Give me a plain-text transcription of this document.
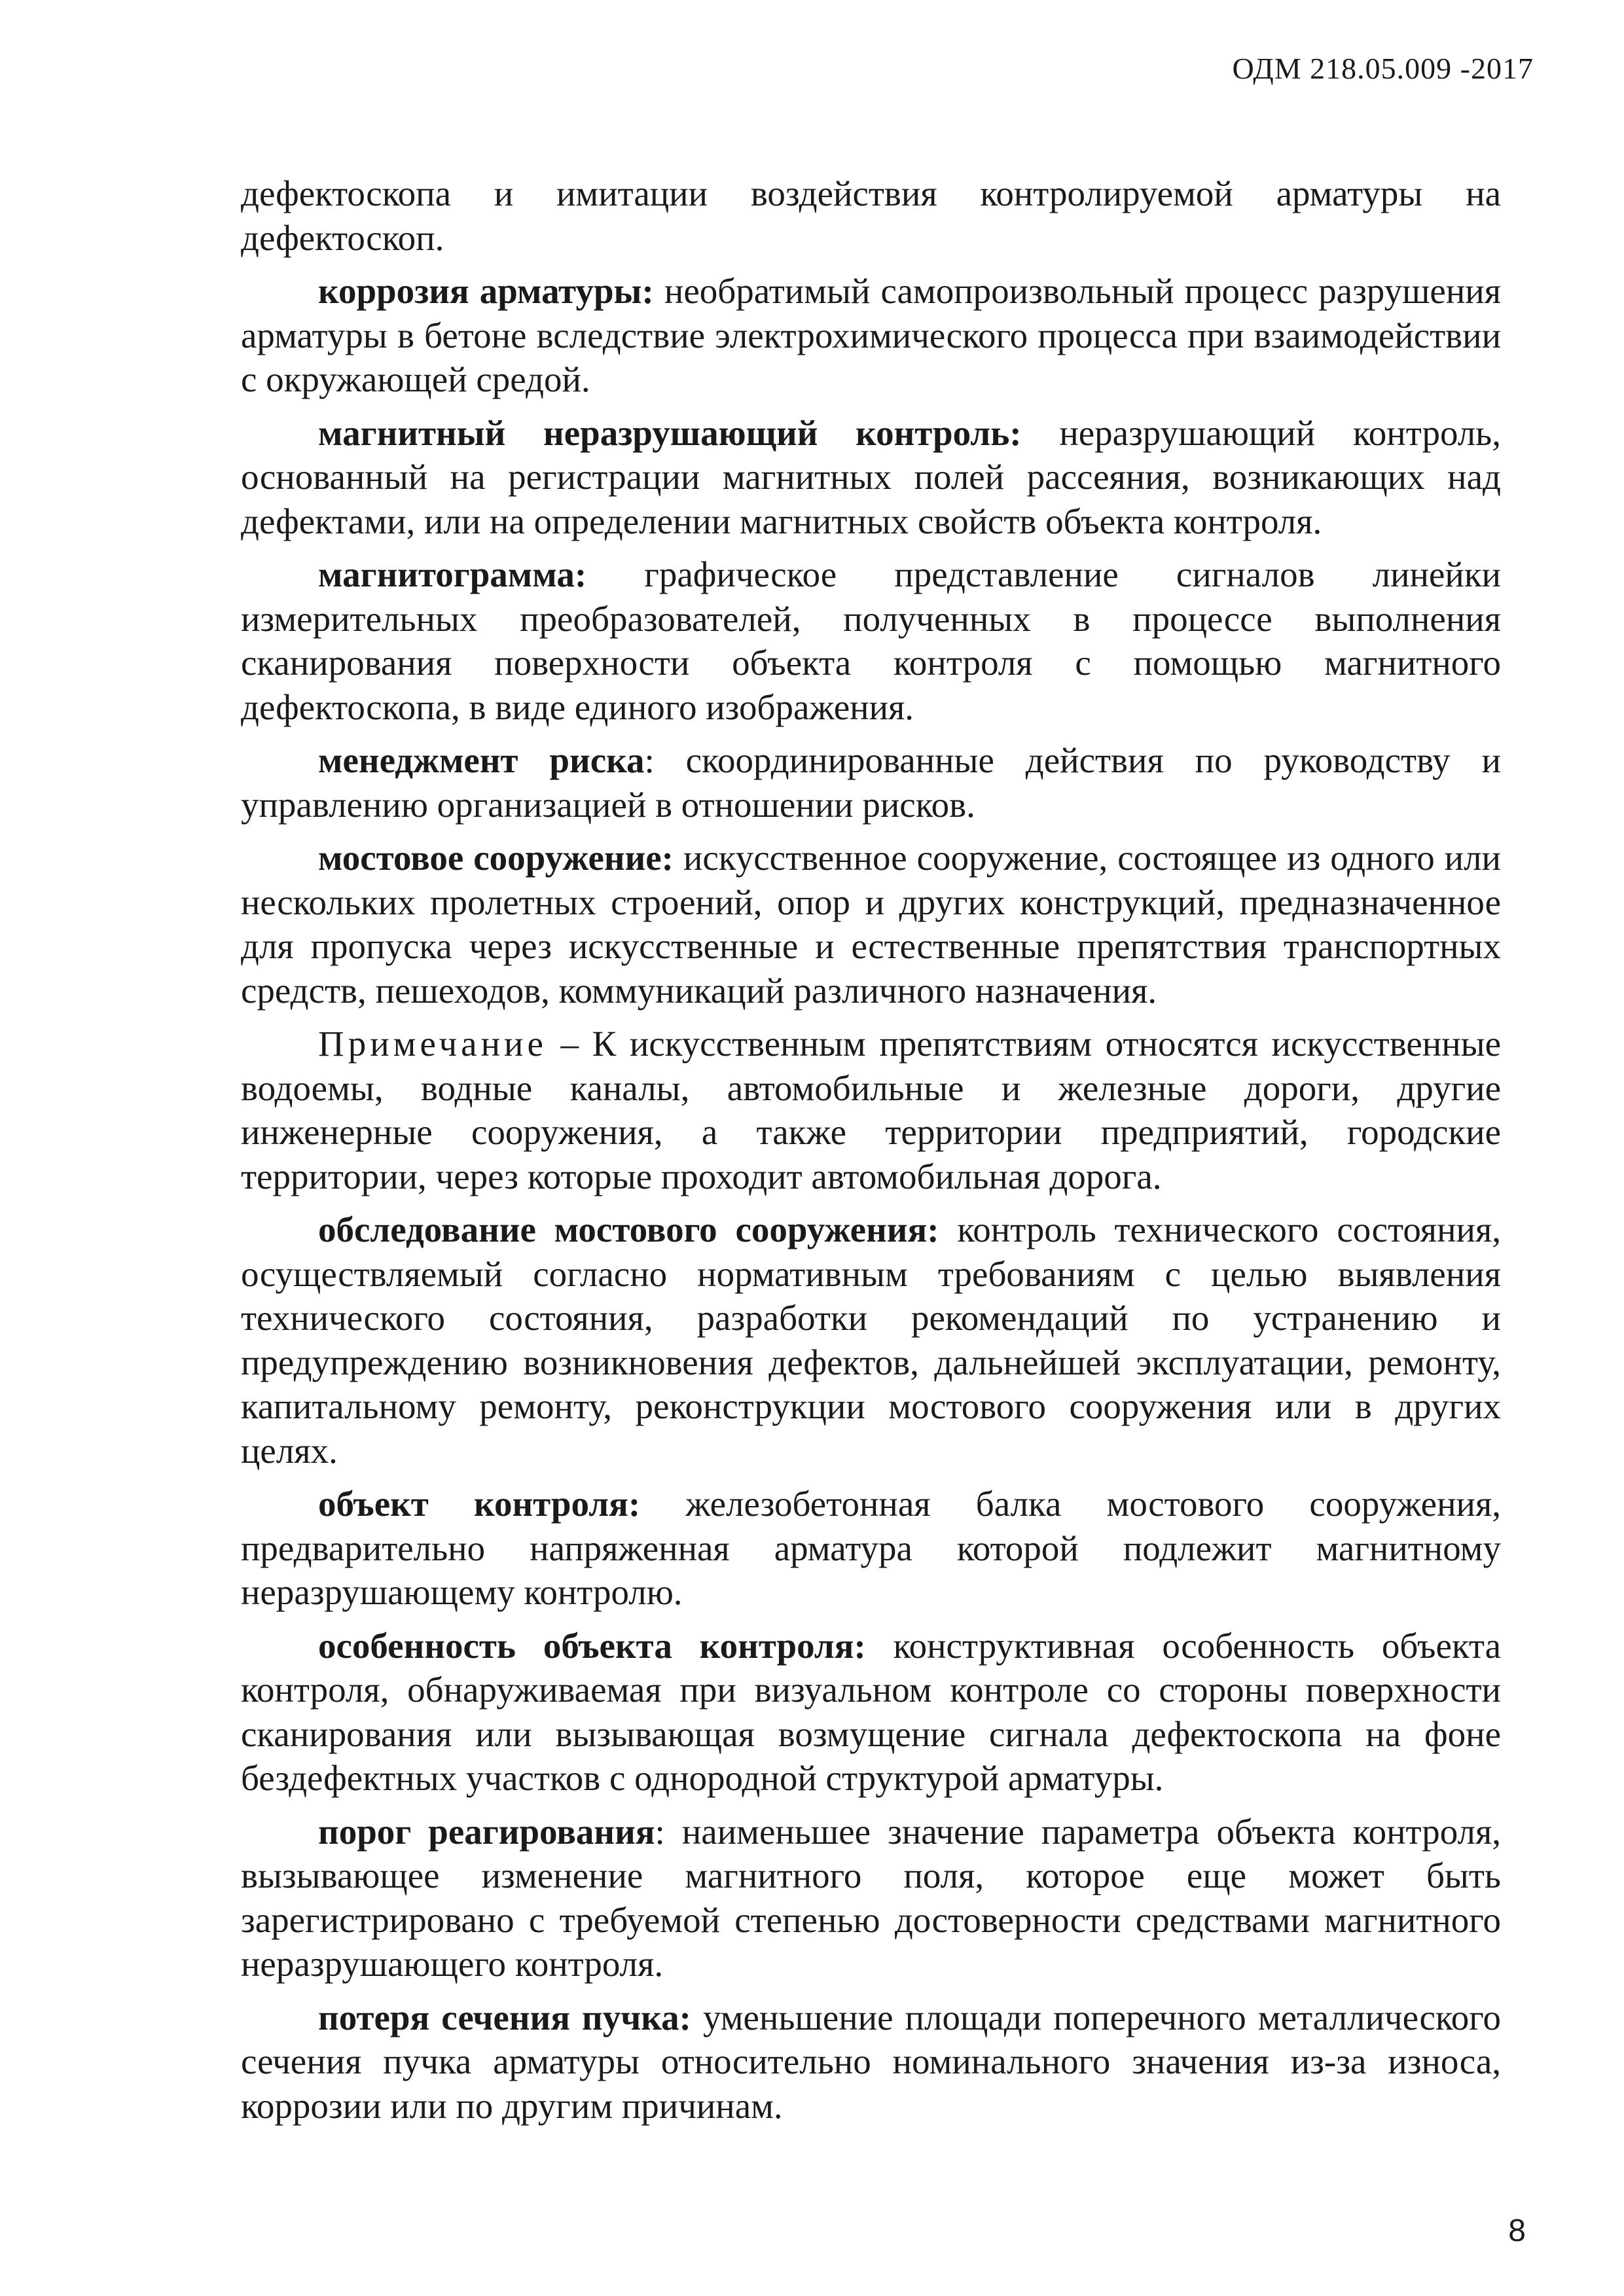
ОДМ 218.05.009 -2017

дефектоскопа и имитации воздействия контролируемой арматуры на дефектоскоп.

коррозия арматуры: необратимый самопроизвольный процесс разрушения арматуры в бетоне вследствие электрохимического процесса при взаимодействии с окружающей средой.

магнитный неразрушающий контроль: неразрушающий контроль, основанный на регистрации магнитных полей рассеяния, возникающих над дефектами, или на определении магнитных свойств объекта контроля.

магнитограмма: графическое представление сигналов линейки измерительных преобразователей, полученных в процессе выполнения сканирования поверхности объекта контроля с помощью магнитного дефектоскопа, в виде единого изображения.

менеджмент риска: скоординированные действия по руководству и управлению организацией в отношении рисков.

мостовое сооружение: искусственное сооружение, состоящее из одного или нескольких пролетных строений, опор и других конструкций, предназначенное для пропуска через искусственные и естественные препятствия транспортных средств, пешеходов, коммуникаций различного назначения.

Примечание – К искусственным препятствиям относятся искусственные водоемы, водные каналы, автомобильные и железные дороги, другие инженерные сооружения, а также территории предприятий, городские территории, через которые проходит автомобильная дорога.

обследование мостового сооружения: контроль технического состояния, осуществляемый согласно нормативным требованиям с целью выявления технического состояния, разработки рекомендаций по устранению и предупреждению возникновения дефектов, дальнейшей эксплуатации, ремонту, капитальному ремонту, реконструкции мостового сооружения или в других целях.

объект контроля: железобетонная балка мостового сооружения, предварительно напряженная арматура которой подлежит магнитному неразрушающему контролю.

особенность объекта контроля: конструктивная особенность объекта контроля, обнаруживаемая при визуальном контроле со стороны поверхности сканирования или вызывающая возмущение сигнала дефектоскопа на фоне бездефектных участков с однородной структурой арматуры.

порог реагирования: наименьшее значение параметра объекта контроля, вызывающее изменение магнитного поля, которое еще может быть зарегистрировано с требуемой степенью достоверности средствами магнитного неразрушающего контроля.

потеря сечения пучка: уменьшение площади поперечного металлического сечения пучка арматуры относительно номинального значения из-за износа, коррозии или по другим причинам.

8
